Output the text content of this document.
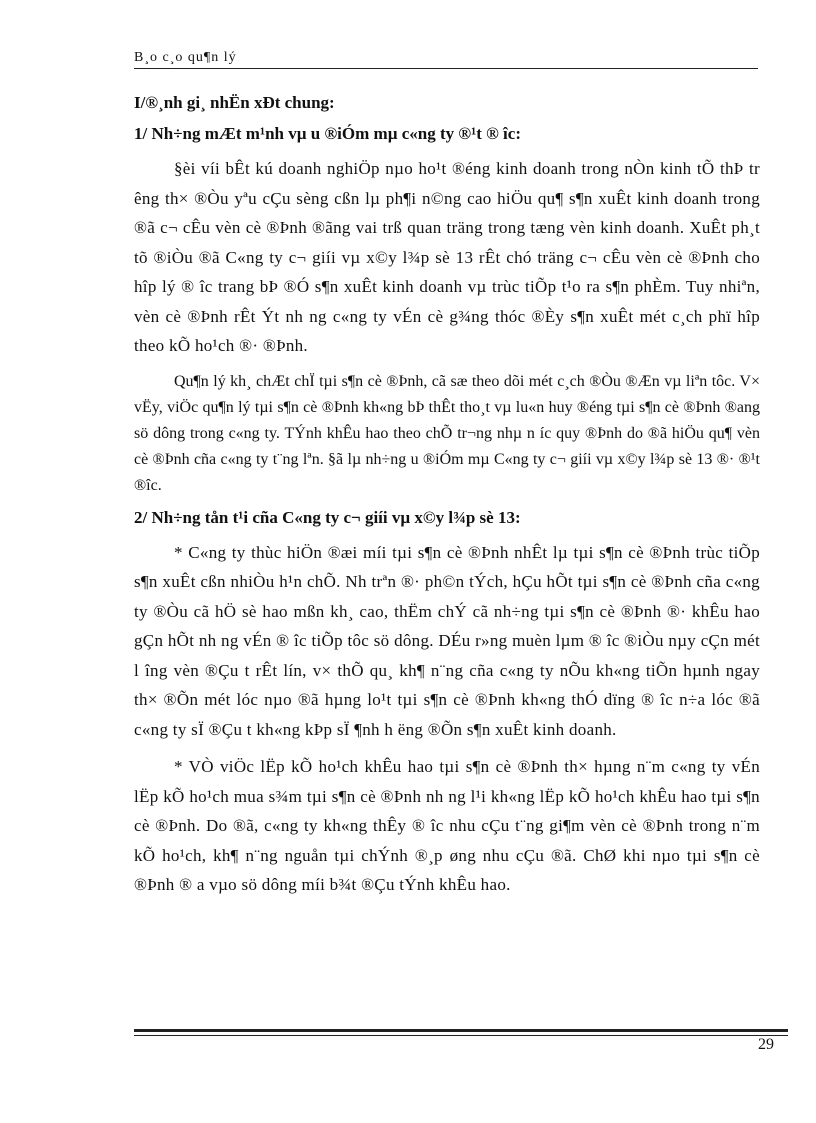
B¸o c¸o qu¶n lý
I/®¸nh gi¸ nhËn xÐt chung:
1/ Nh÷ng mÆt m¹nh vµ u ®iÓm mµ c«ng ty ®¹t ® îc:

§èi víi bÊt kú doanh nghiÖp nµo ho¹t ®éng kinh doanh trong nÒn kinh tÕ thÞ tr êng th× ®Òu yªu cÇu sèng cßn lµ ph¶i n©ng cao hiÖu qu¶ s¶n xuÊt kinh doanh trong ®ã c¬ cÊu vèn cè ®Þnh ®ãng vai trß quan träng trong tæng vèn kinh doanh. XuÊt ph¸t tõ ®iÒu ®ã C«ng ty c¬ giíi vµ x©y l¾p sè 13 rÊt chó träng c¬ cÊu vèn cè ®Þnh cho hîp lý ® îc trang bÞ ®Ó s¶n xuÊt kinh doanh vµ trùc tiÕp t¹o ra s¶n phÈm. Tuy nhiªn, vèn cè ®Þnh rÊt Ýt nh ng c«ng ty vÉn cè g¾ng thóc ®Èy s¶n xuÊt mét c¸ch phï hîp theo kÕ ho¹ch ®· ®Þnh.

Qu¶n lý kh¸ chÆt chÏ tµi s¶n cè ®Þnh, cã sæ theo dõi mét c¸ch ®Òu ®Æn vµ liªn tôc. V× vËy, viÖc qu¶n lý tµi s¶n cè ®Þnh kh«ng bÞ thÊt tho¸t vµ lu«n huy ®éng tµi s¶n cè ®Þnh ®ang sö dông trong c«ng ty. TÝnh khÊu hao theo chÕ tr¬ng nhµ n íc quy ®Þnh do ®ã hiÖu qu¶ vèn cè ®Þnh cña c«ng ty t¨ng lªn. §ã lµ nh÷ng u ®iÓm mµ C«ng ty c¬ giíi vµ x©y l¾p sè 13 ®· ®¹t ®îc.

2/ Nh÷ng tån t¹i cña C«ng ty c¬ giíi vµ x©y l¾p sè 13:

* C«ng ty thùc hiÖn ®æi míi tµi s¶n cè ®Þnh nhÊt lµ tµi s¶n cè ®Þnh trùc tiÕp s¶n xuÊt cßn nhiÒu h¹n chÕ. Nh trªn ®· ph©n tÝch, hÇu hÕt tµi s¶n cè ®Þnh cña c«ng ty ®Òu cã hÖ sè hao mßn kh¸ cao, thËm chÝ cã nh÷ng tµi s¶n cè ®Þnh ®· khÊu hao gÇn hÕt nh ng vÉn ® îc tiÕp tôc sö dông. DÉu r»ng muèn lµm ® îc ®iÒu nµy cÇn mét l îng vèn ®Çu t rÊt lín, v× thÕ qu¸ kh¶ n¨ng cña c«ng ty nÕu kh«ng tiÕn hµnh ngay th× ®Õn mét lóc nµo ®ã hµng lo¹t tµi s¶n cè ®Þnh kh«ng thÓ dïng ® îc n÷a lóc ®ã c«ng ty sÏ ®Çu t kh«ng kÞp sÏ ¶nh h ëng ®Õn s¶n xuÊt kinh doanh.

* VÒ viÖc lËp kÕ ho¹ch khÊu hao tµi s¶n cè ®Þnh th× hµng n¨m c«ng ty vÉn lËp kÕ ho¹ch mua s¾m tµi s¶n cè ®Þnh nh ng l¹i kh«ng lËp kÕ ho¹ch khÊu hao tµi s¶n cè ®Þnh. Do ®ã, c«ng ty kh«ng thÊy ® îc nhu cÇu t¨ng gi¶m vèn cè ®Þnh trong n¨m kÕ ho¹ch, kh¶ n¨ng nguån tµi chÝnh ®¸p øng nhu cÇu ®ã. ChØ khi nµo tµi s¶n cè ®Þnh ® a vµo sö dông míi b¾t ®Çu tÝnh khÊu hao.

29
